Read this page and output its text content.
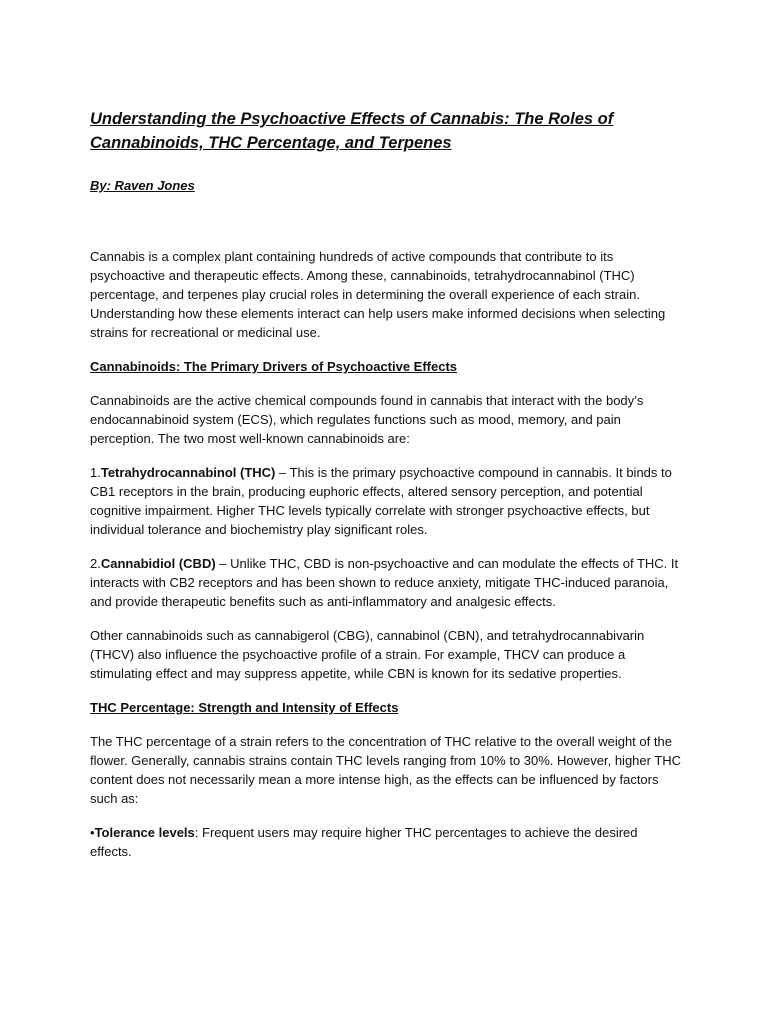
Understanding the Psychoactive Effects of Cannabis: The Roles of Cannabinoids, THC Percentage, and Terpenes
By: Raven Jones

Cannabis is a complex plant containing hundreds of active compounds that contribute to its psychoactive and therapeutic effects. Among these, cannabinoids, tetrahydrocannabinol (THC) percentage, and terpenes play crucial roles in determining the overall experience of each strain. Understanding how these elements interact can help users make informed decisions when selecting strains for recreational or medicinal use.

Cannabinoids: The Primary Drivers of Psychoactive Effects

Cannabinoids are the active chemical compounds found in cannabis that interact with the body’s endocannabinoid system (ECS), which regulates functions such as mood, memory, and pain perception. The two most well-known cannabinoids are:

1.Tetrahydrocannabinol (THC) – This is the primary psychoactive compound in cannabis. It binds to CB1 receptors in the brain, producing euphoric effects, altered sensory perception, and potential cognitive impairment. Higher THC levels typically correlate with stronger psychoactive effects, but individual tolerance and biochemistry play significant roles.

2.Cannabidiol (CBD) – Unlike THC, CBD is non-psychoactive and can modulate the effects of THC. It interacts with CB2 receptors and has been shown to reduce anxiety, mitigate THC-induced paranoia, and provide therapeutic benefits such as anti-inflammatory and analgesic effects.

Other cannabinoids such as cannabigerol (CBG), cannabinol (CBN), and tetrahydrocannabivarin (THCV) also influence the psychoactive profile of a strain. For example, THCV can produce a stimulating effect and may suppress appetite, while CBN is known for its sedative properties.

THC Percentage: Strength and Intensity of Effects

The THC percentage of a strain refers to the concentration of THC relative to the overall weight of the flower. Generally, cannabis strains contain THC levels ranging from 10% to 30%. However, higher THC content does not necessarily mean a more intense high, as the effects can be influenced by factors such as:

•Tolerance levels: Frequent users may require higher THC percentages to achieve the desired effects.
